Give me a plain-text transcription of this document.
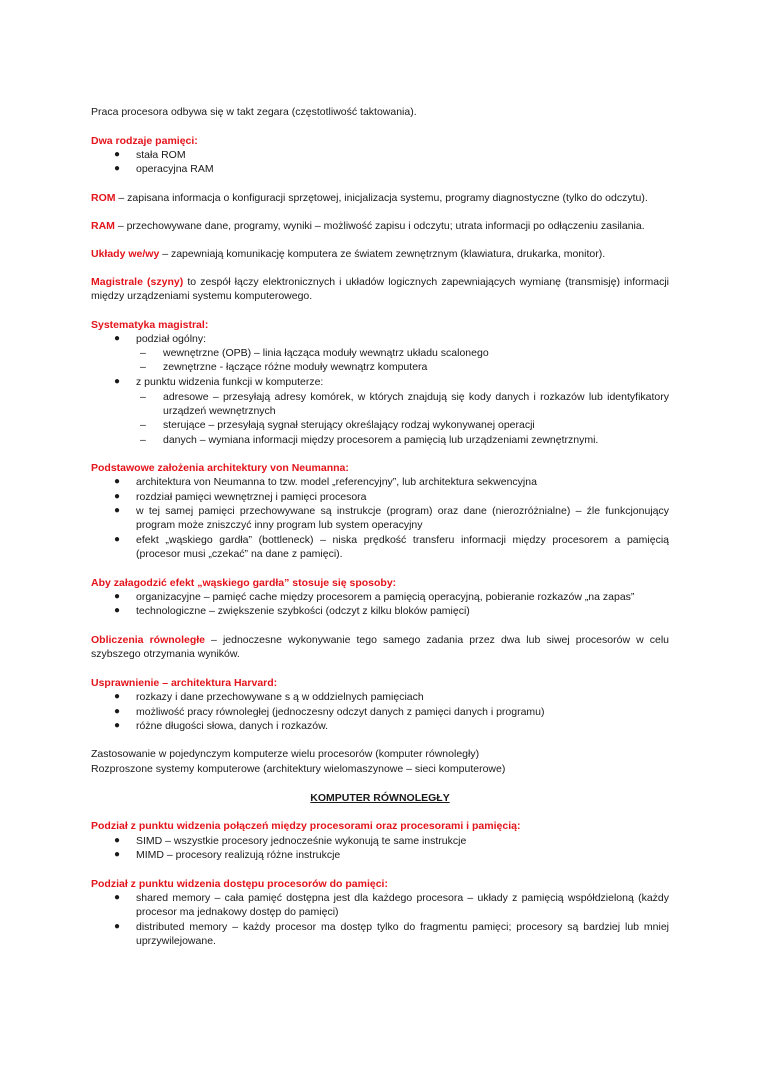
Praca procesora odbywa się w takt zegara (częstotliwość taktowania).
Dwa rodzaje pamięci:
● stała ROM
● operacyjna RAM
ROM – zapisana informacja o konfiguracji sprzętowej, inicjalizacja systemu, programy diagnostyczne (tylko do odczytu).
RAM – przechowywane dane, programy, wyniki – możliwość zapisu i odczytu; utrata informacji po odłączeniu zasilania.
Układy we/wy – zapewniają komunikację komputera ze światem zewnętrznym (klawiatura, drukarka, monitor).
Magistrale (szyny) to zespół łączy elektronicznych i układów logicznych zapewniających wymianę (transmisję) informacji między urządzeniami systemu komputerowego.
Systematyka magistral:
● podział ogólny:
– wewnętrzne (OPB) – linia łącząca moduły wewnątrz układu scalonego
– zewnętrzne - łączące różne moduły wewnątrz komputera
● z punktu widzenia funkcji w komputerze:
– adresowe – przesyłają adresy komórek, w których znajdują się kody danych i rozkazów lub identyfikatory urządzeń wewnętrznych
– sterujące – przesyłają sygnał sterujący określający rodzaj wykonywanej operacji
– danych – wymiana informacji między procesorem a pamięcią lub urządzeniami zewnętrznymi.
Podstawowe założenia architektury von Neumanna:
● architektura von Neumanna to tzw. model „referencyjny”, lub architektura sekwencyjna
● rozdział pamięci wewnętrznej i pamięci procesora
● w tej samej pamięci przechowywane są instrukcje (program) oraz dane (nierozróżnialne) – źle funkcjonujący program może zniszczyć inny program lub system operacyjny
● efekt „wąskiego gardła” (bottleneck) – niska prędkość transferu informacji między procesorem a pamięcią (procesor musi „czekać” na dane z pamięci).
Aby załagodzić efekt „wąskiego gardła” stosuje się sposoby:
● organizacyjne – pamięć cache między procesorem a pamięcią operacyjną, pobieranie rozkazów „na zapas”
● technologiczne – zwiększenie szybkości (odczyt z kilku bloków pamięci)
Obliczenia równoległe – jednoczesne wykonywanie tego samego zadania przez dwa lub siwej procesorów w celu szybszego otrzymania wyników.
Usprawnienie – architektura Harvard:
● rozkazy i dane przechowywane s ą w oddzielnych pamięciach
● możliwość pracy równoległej (jednoczesny odczyt danych z pamięci danych i programu)
● różne długości słowa, danych i rozkazów.
Zastosowanie w pojedynczym komputerze wielu procesorów (komputer równoległy)
Rozproszone systemy komputerowe (architektury wielomaszynowe – sieci komputerowe)
KOMPUTER RÓWNOLEGŁY
Podział z punktu widzenia połączeń między procesorami oraz procesorami i pamięcią:
● SIMD – wszystkie procesory jednocześnie wykonują te same instrukcje
● MIMD – procesory realizują różne instrukcje
Podział z punktu widzenia dostępu procesorów do pamięci:
● shared memory – cała pamięć dostępna jest dla każdego procesora – układy z pamięcią współdzieloną (każdy procesor ma jednakowy dostęp do pamięci)
● distributed memory – każdy procesor ma dostęp tylko do fragmentu pamięci; procesory są bardziej lub mniej uprzywilejowane.
